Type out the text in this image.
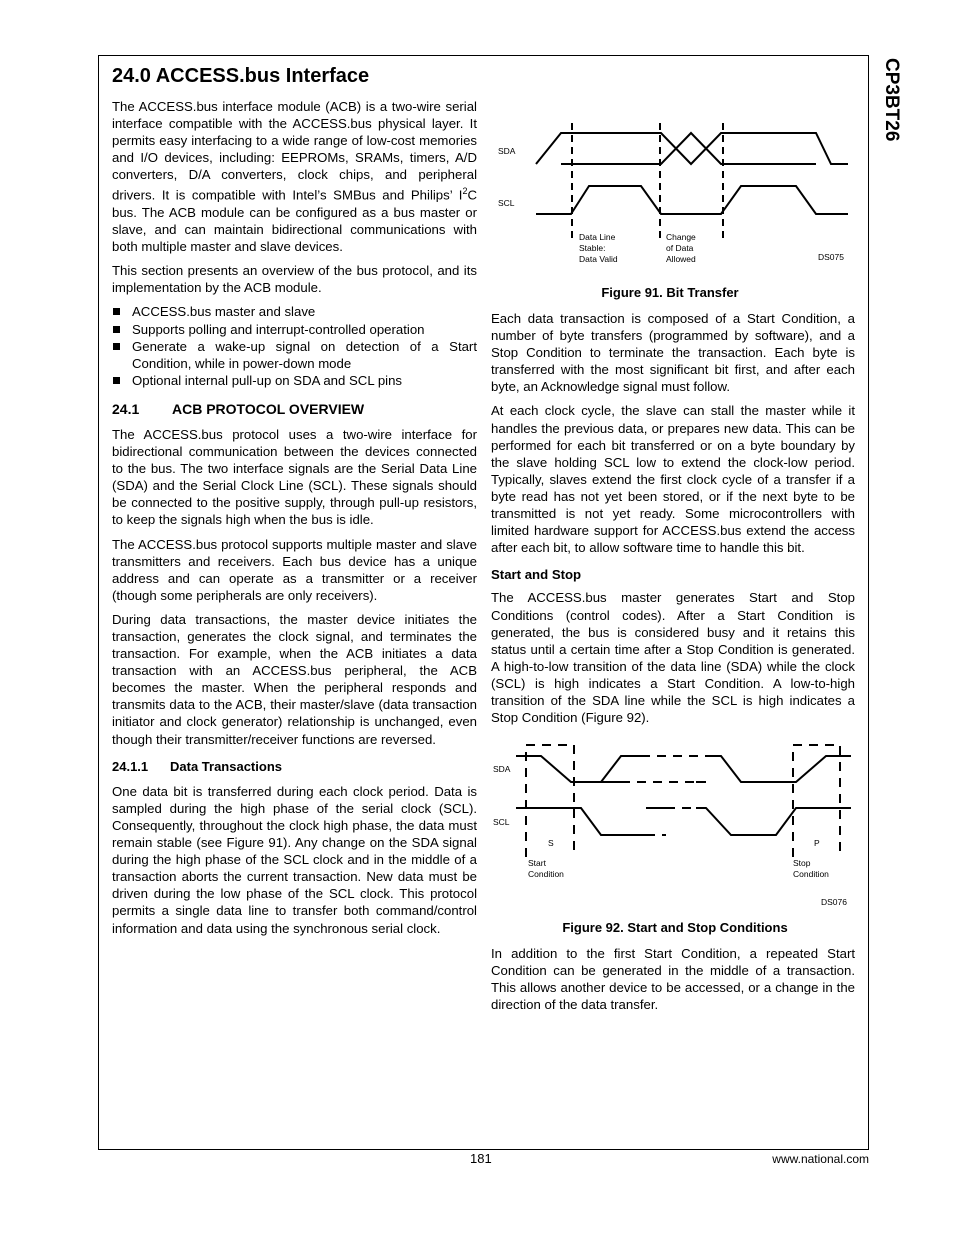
CP3BT26
24.0 ACCESS.bus Interface

The ACCESS.bus interface module (ACB) is a two-wire serial interface compatible with the ACCESS.bus physical layer. It permits easy interfacing to a wide range of low-cost memories and I/O devices, including: EEPROMs, SRAMs, timers, A/D converters, D/A converters, clock chips, and peripheral drivers. It is compatible with Intel’s SMBus and Philips’ $I^2C$ bus. The ACB module can be configured as a bus master or slave, and can maintain bidirectional communications with both multiple master and slave devices.

This section presents an overview of the bus protocol, and its implementation by the ACB module.

ACCESS.bus master and slave
Supports polling and interrupt-controlled operation
Generate a wake-up signal on detection of a Start Condition, while in power-down mode
Optional internal pull-up on SDA and SCL pins
24.1 ACB PROTOCOL OVERVIEW

The ACCESS.bus protocol uses a two-wire interface for bidirectional communication between the devices connected to the bus. The two interface signals are the Serial Data Line (SDA) and the Serial Clock Line (SCL). These signals should be connected to the positive supply, through pull-up resistors, to keep the signals high when the bus is idle.

The ACCESS.bus protocol supports multiple master and slave transmitters and receivers. Each bus device has a unique address and can operate as a transmitter or a receiver (though some peripherals are only receivers).

During data transactions, the master device initiates the transaction, generates the clock signal, and terminates the transaction. For example, when the ACB initiates a data transaction with an ACCESS.bus peripheral, the ACB becomes the master. When the peripheral responds and transmits data to the ACB, their master/slave (data transaction initiator and clock generator) relationship is unchanged, even though their transmitter/receiver functions are reversed.

24.1.1 Data Transactions

One data bit is transferred during each clock period. Data is sampled during the high phase of the serial clock (SCL). Consequently, throughout the clock high phase, the data must remain stable (see Figure 91). Any change on the SDA signal during the high phase of the SCL clock and in the middle of a transaction aborts the current transaction. New data must be driven during the low phase of the SCL clock. This protocol permits a single data line to transfer both command/control information and data using the synchronous serial clock.

SDA
SCL
Data Line
Stable:
Data Valid
Change
of Data
Allowed	DS075
Figure 91. Bit Transfer

Each data transaction is composed of a Start Condition, a number of byte transfers (programmed by software), and a Stop Condition to terminate the transaction. Each byte is transferred with the most significant bit first, and after each byte, an Acknowledge signal must follow.

At each clock cycle, the slave can stall the master while it handles the previous data, or prepares new data. This can be performed for each bit transferred or on a byte boundary by the slave holding SCL low to extend the clock-low period. Typically, slaves extend the first clock cycle of a transfer if a byte read has not yet been stored, or if the next byte to be transmitted is not yet ready. Some microcontrollers with limited hardware support for ACCESS.bus extend the access after each bit, to allow software time to handle this bit.

Start and Stop

The ACCESS.bus master generates Start and Stop Conditions (control codes). After a Start Condition is generated, the bus is considered busy and it retains this status until a certain time after a Stop Condition is generated. A high-to-low transition of the data line (SDA) while the clock (SCL) is high indicates a Start Condition. A low-to-high transition of the SDA line while the SCL is high indicates a Stop Condition (Figure 92).

SDA
SCL
S	P
Start
Condition
Stop
Condition
DS076
Figure 92. Start and Stop Conditions

In addition to the first Start Condition, a repeated Start Condition can be generated in the middle of a transaction. This allows another device to be accessed, or a change in the direction of the data transfer.

181	www.national.com
